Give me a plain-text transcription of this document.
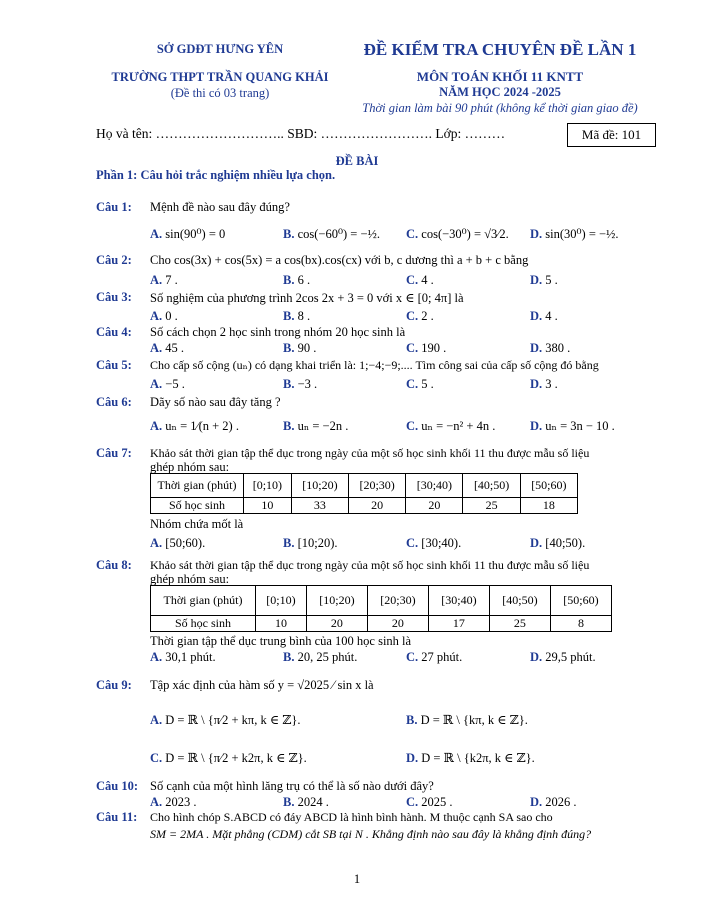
SỞ GDĐT HƯNG YÊN
TRƯỜNG THPT TRẦN QUANG KHẢI
(Đề thi có 03 trang)
ĐỀ KIỂM TRA CHUYÊN ĐỀ LẦN 1
MÔN TOÁN KHỐI 11 KNTT
NĂM HỌC 2024 -2025
Thời gian làm bài 90 phút (không kể thời gian giao đề)
Họ và tên: ……………………….. SBD: ……………………. Lớp: ………	Mã đề: 101
ĐỀ BÀI
Phần 1: Câu hỏi trắc nghiệm nhiều lựa chọn.
Câu 1: Mệnh đề nào sau đây đúng?
A. sin(90⁰) = 0	B. cos(−60⁰) = −½. C. cos(−30⁰) = √3⁄2. D. sin(30⁰) = −½.
Câu 2: Cho cos(3x) + cos(5x) = a cos(bx).cos(cx) với b, c dương thì a + b + c bằng
A. 7 .	B. 6 .	C. 4 .	D. 5 .
Câu 3: Số nghiệm của phương trình 2cos 2x + 3 = 0 với x ∈ [0; 4π] là
A. 0 .	B. 8 .	C. 2 .	D. 4 .
Câu 4: Số cách chọn 2 học sinh trong nhóm 20 học sinh là
A. 45 .	B. 90 .	C. 190 .	D. 380 .
Câu 5: Cho cấp số cộng (uₙ) có dạng khai triển là: 1;−4;−9;.... Tìm công sai của cấp số cộng đó bằng
A. −5 .	B. −3 .	C. 5 .	D. 3 .
Câu 6: Dãy số nào sau đây tăng ?
A. uₙ = 1⁄(n + 2) .	B. uₙ = −2n .	C. uₙ = −n² + 4n .	D. uₙ = 3n − 10 .
Câu 7: Khảo sát thời gian tập thể dục trong ngày của một số học sinh khối 11 thu được mẫu số liệu
ghép nhóm sau:
Thời gian (phút)	[0;10)	[10;20)	[20;30)	[30;40)	[40;50)	[50;60)
Số học sinh	10	33	20	20	25	18
Nhóm chứa mốt là
A. [50;60).	B. [10;20).	C. [30;40).	D. [40;50).
Câu 8: Khảo sát thời gian tập thể dục trong ngày của một số học sinh khối 11 thu được mẫu số liệu
ghép nhóm sau:
Thời gian (phút)	[0;10)	[10;20)	[20;30)	[30;40)	[40;50)	[50;60)
Số học sinh	10	20	20	17	25	8
Thời gian tập thể dục trung bình của 100 học sinh là
A. 30,1 phút.	B. 20, 25 phút.	C. 27 phút.	D. 29,5 phút.
Câu 9: Tập xác định của hàm số y = √2025 ⁄ sin x là
A. D = ℝ \ {π⁄2 + kπ, k ∈ ℤ}.	B. D = ℝ \ {kπ, k ∈ ℤ}.
C. D = ℝ \ {π⁄2 + k2π, k ∈ ℤ}.	D. D = ℝ \ {k2π, k ∈ ℤ}.
Câu 10: Số cạnh của một hình lăng trụ có thể là số nào dưới đây?
A. 2023 .	B. 2024 .	C. 2025 .	D. 2026 .
Câu 11: Cho hình chóp S.ABCD có đáy ABCD là hình bình hành. M thuộc cạnh SA sao cho
SM = 2MA . Mặt phẳng (CDM) cắt SB tại N . Khẳng định nào sau đây là khẳng định đúng?
1
